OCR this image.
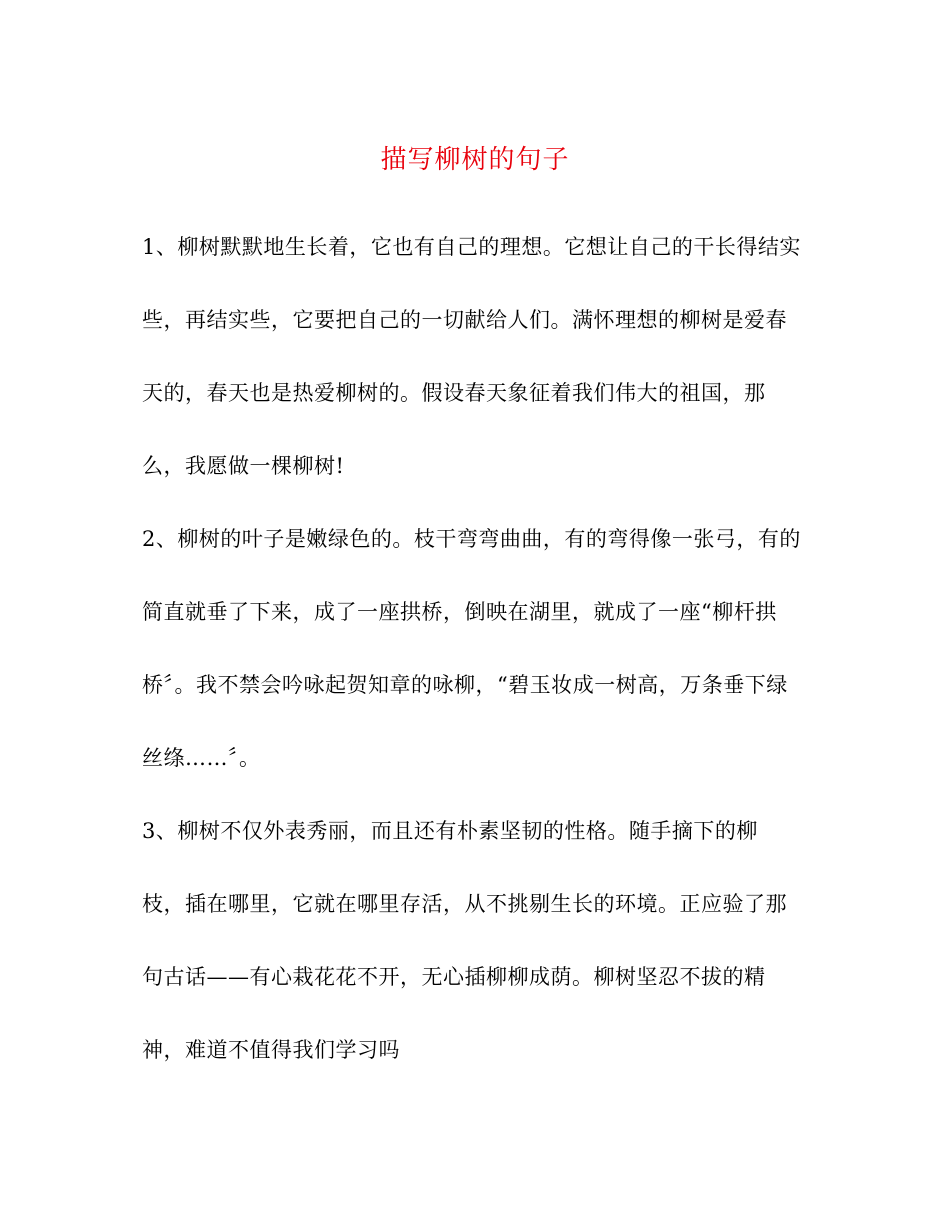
描写柳树的句子
1、柳树默默地生长着，它也有自己的理想。它想让自己的干长得结实
些，再结实些，它要把自己的一切献给人们。满怀理想的柳树是爱春
天的，春天也是热爱柳树的。假设春天象征着我们伟大的祖国，那
么，我愿做一棵柳树!
2、柳树的叶子是嫩绿色的。枝干弯弯曲曲，有的弯得像一张弓，有的
简直就垂了下来，成了一座拱桥，倒映在湖里，就成了一座“柳杆拱
桥〞。我不禁会吟咏起贺知章的咏柳，“碧玉妆成一树高，万条垂下绿
丝绦……〞。
3、柳树不仅外表秀丽，而且还有朴素坚韧的性格。随手摘下的柳
枝，插在哪里，它就在哪里存活，从不挑剔生长的环境。正应验了那
句古话——有心栽花花不开，无心插柳柳成荫。柳树坚忍不拔的精
神，难道不值得我们学习吗
